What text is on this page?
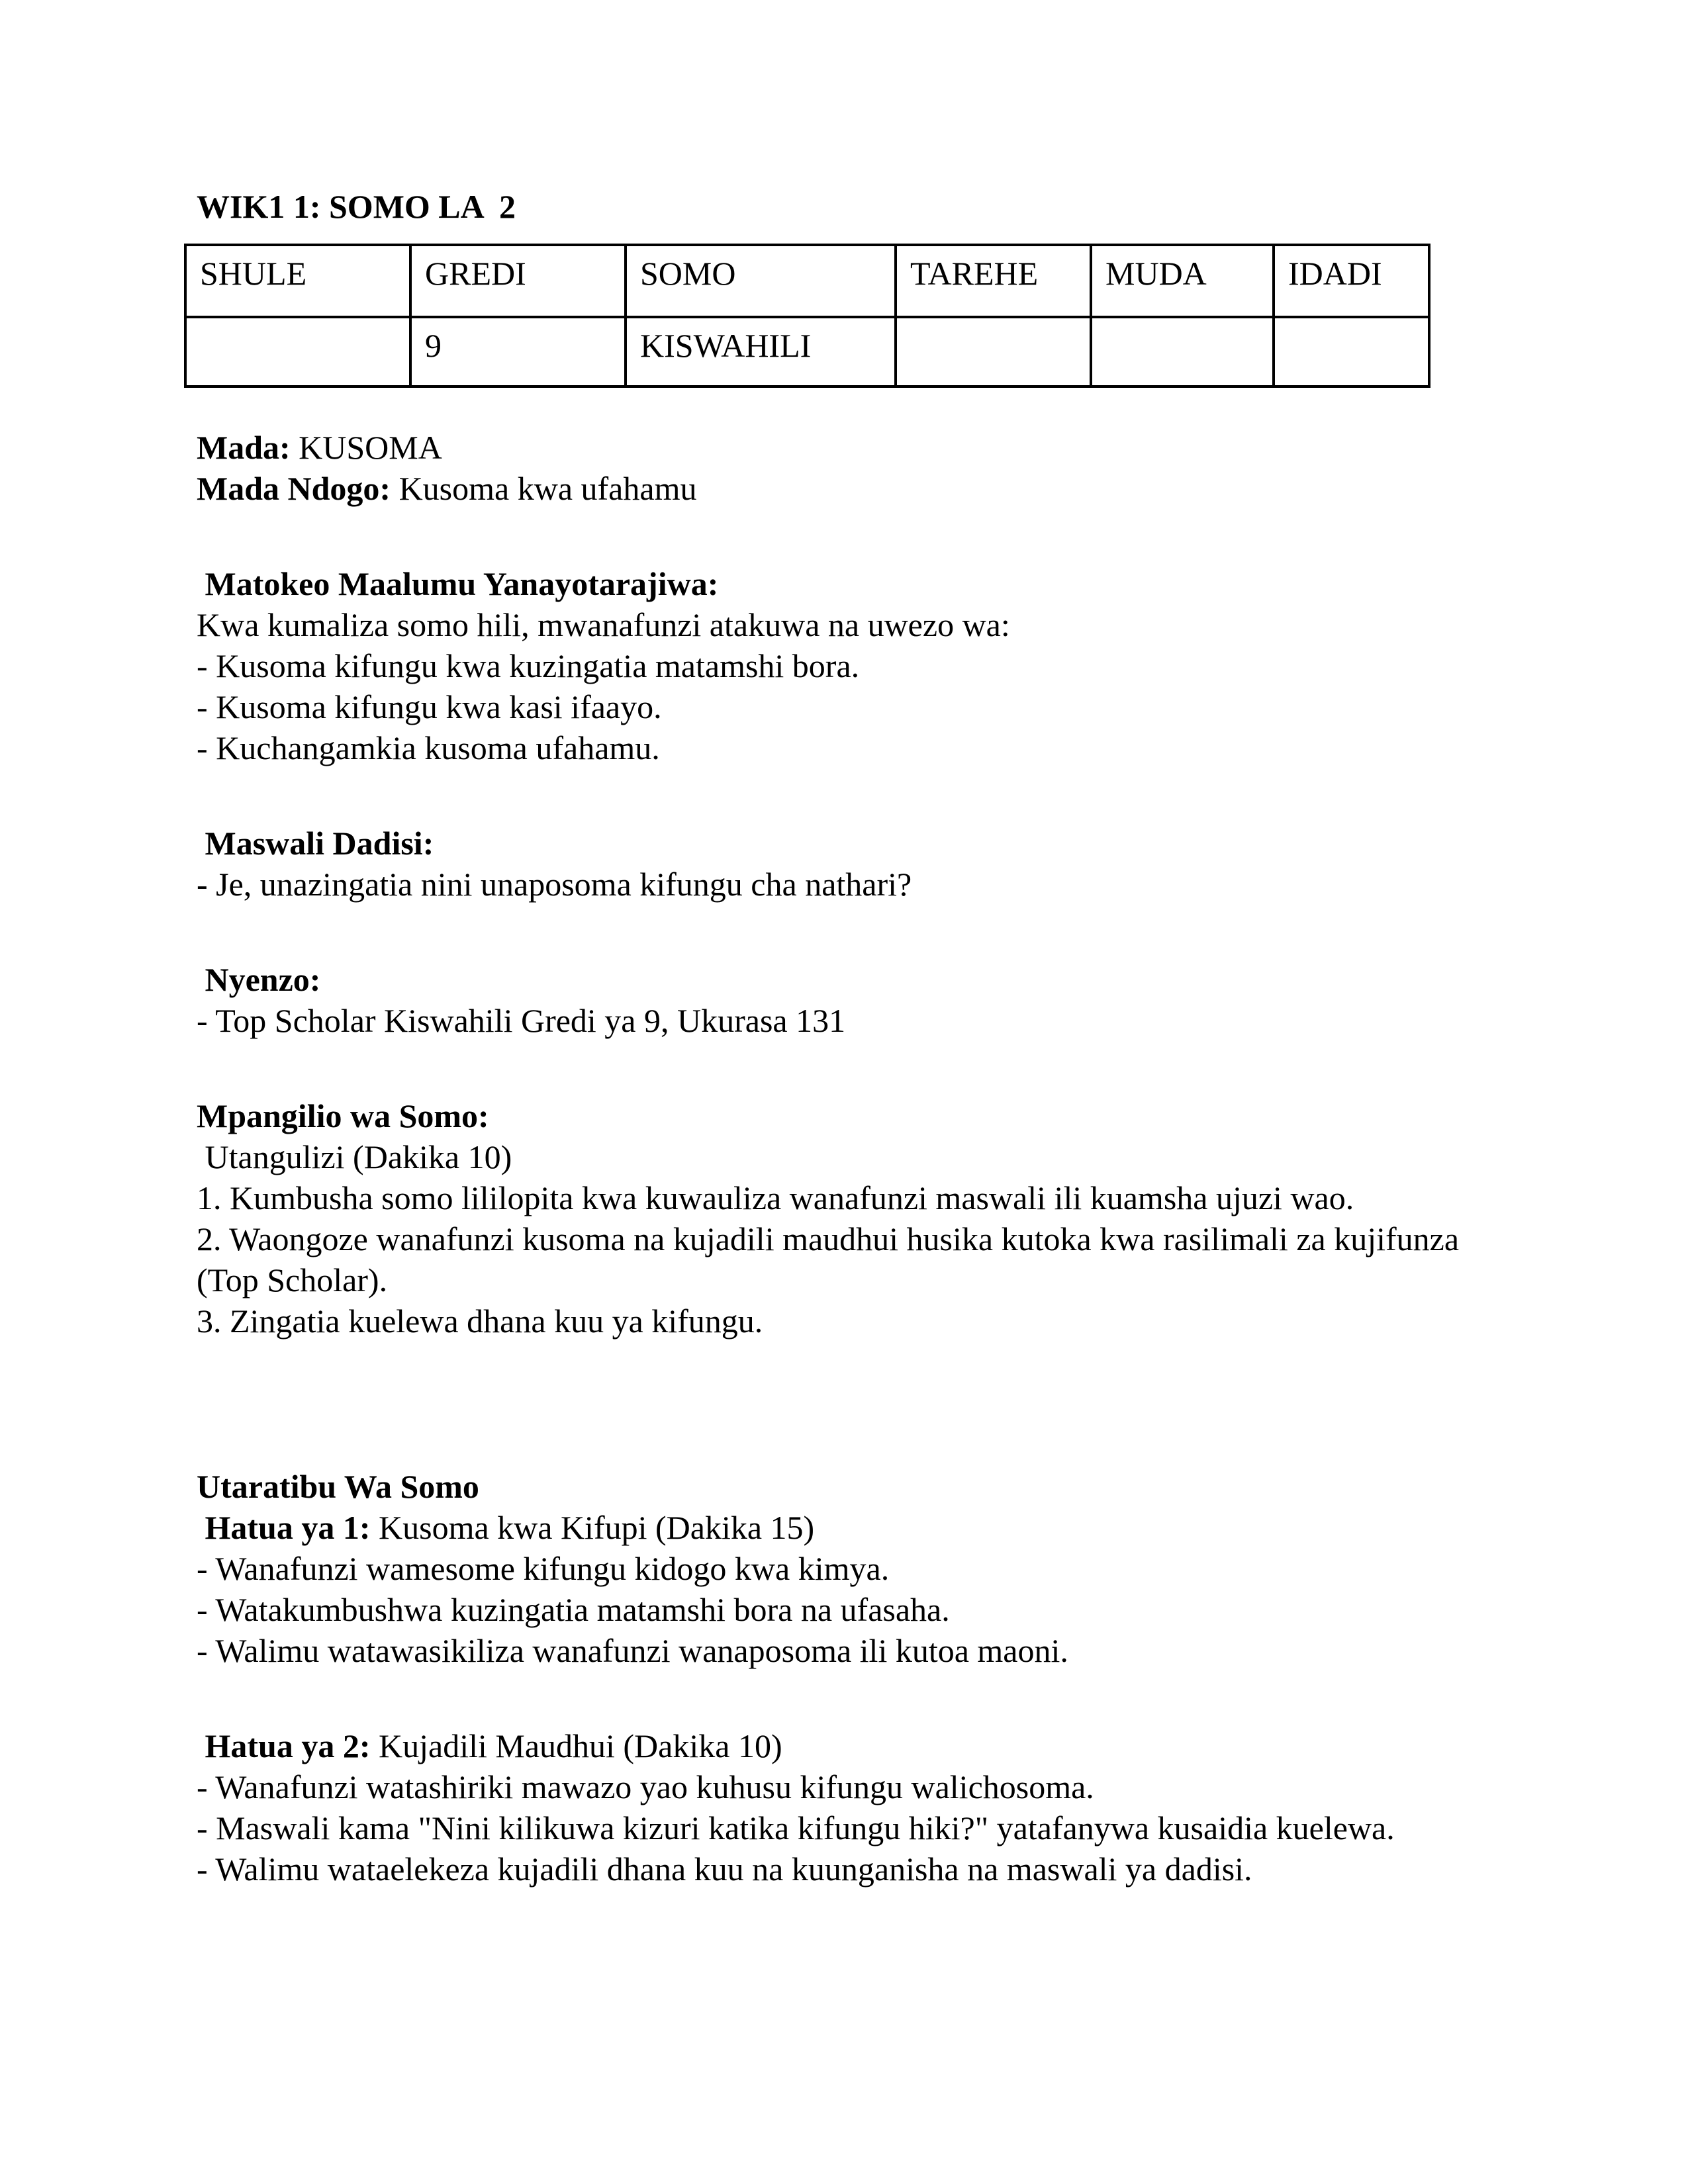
WIK1 1: SOMO LA  2
SHULE	GREDI	SOMO	TAREHE	MUDA	IDADI
	9	KISWAHILI			

Mada: KUSOMA

Mada Ndogo: Kusoma kwa ufahamu

Matokeo Maalumu Yanayotarajiwa:

Kwa kumaliza somo hili, mwanafunzi atakuwa na uwezo wa:

- Kusoma kifungu kwa kuzingatia matamshi bora.

- Kusoma kifungu kwa kasi ifaayo.

- Kuchangamkia kusoma ufahamu.

Maswali Dadisi:

- Je, unazingatia nini unaposoma kifungu cha nathari?

Nyenzo:

- Top Scholar Kiswahili Gredi ya 9, Ukurasa 131

Mpangilio wa Somo:

Utangulizi (Dakika 10)

1. Kumbusha somo lililopita kwa kuwauliza wanafunzi maswali ili kuamsha ujuzi wao.

2. Waongoze wanafunzi kusoma na kujadili maudhui husika kutoka kwa rasilimali za kujifunza (Top Scholar).

3. Zingatia kuelewa dhana kuu ya kifungu.

Utaratibu Wa Somo

Hatua ya 1: Kusoma kwa Kifupi (Dakika 15)

- Wanafunzi wamesome kifungu kidogo kwa kimya.

- Watakumbushwa kuzingatia matamshi bora na ufasaha.

- Walimu watawasikiliza wanafunzi wanaposoma ili kutoa maoni.

Hatua ya 2: Kujadili Maudhui (Dakika 10)

- Wanafunzi watashiriki mawazo yao kuhusu kifungu walichosoma.

- Maswali kama "Nini kilikuwa kizuri katika kifungu hiki?" yatafanywa kusaidia kuelewa.

- Walimu wataelekeza kujadili dhana kuu na kuunganisha na maswali ya dadisi.
